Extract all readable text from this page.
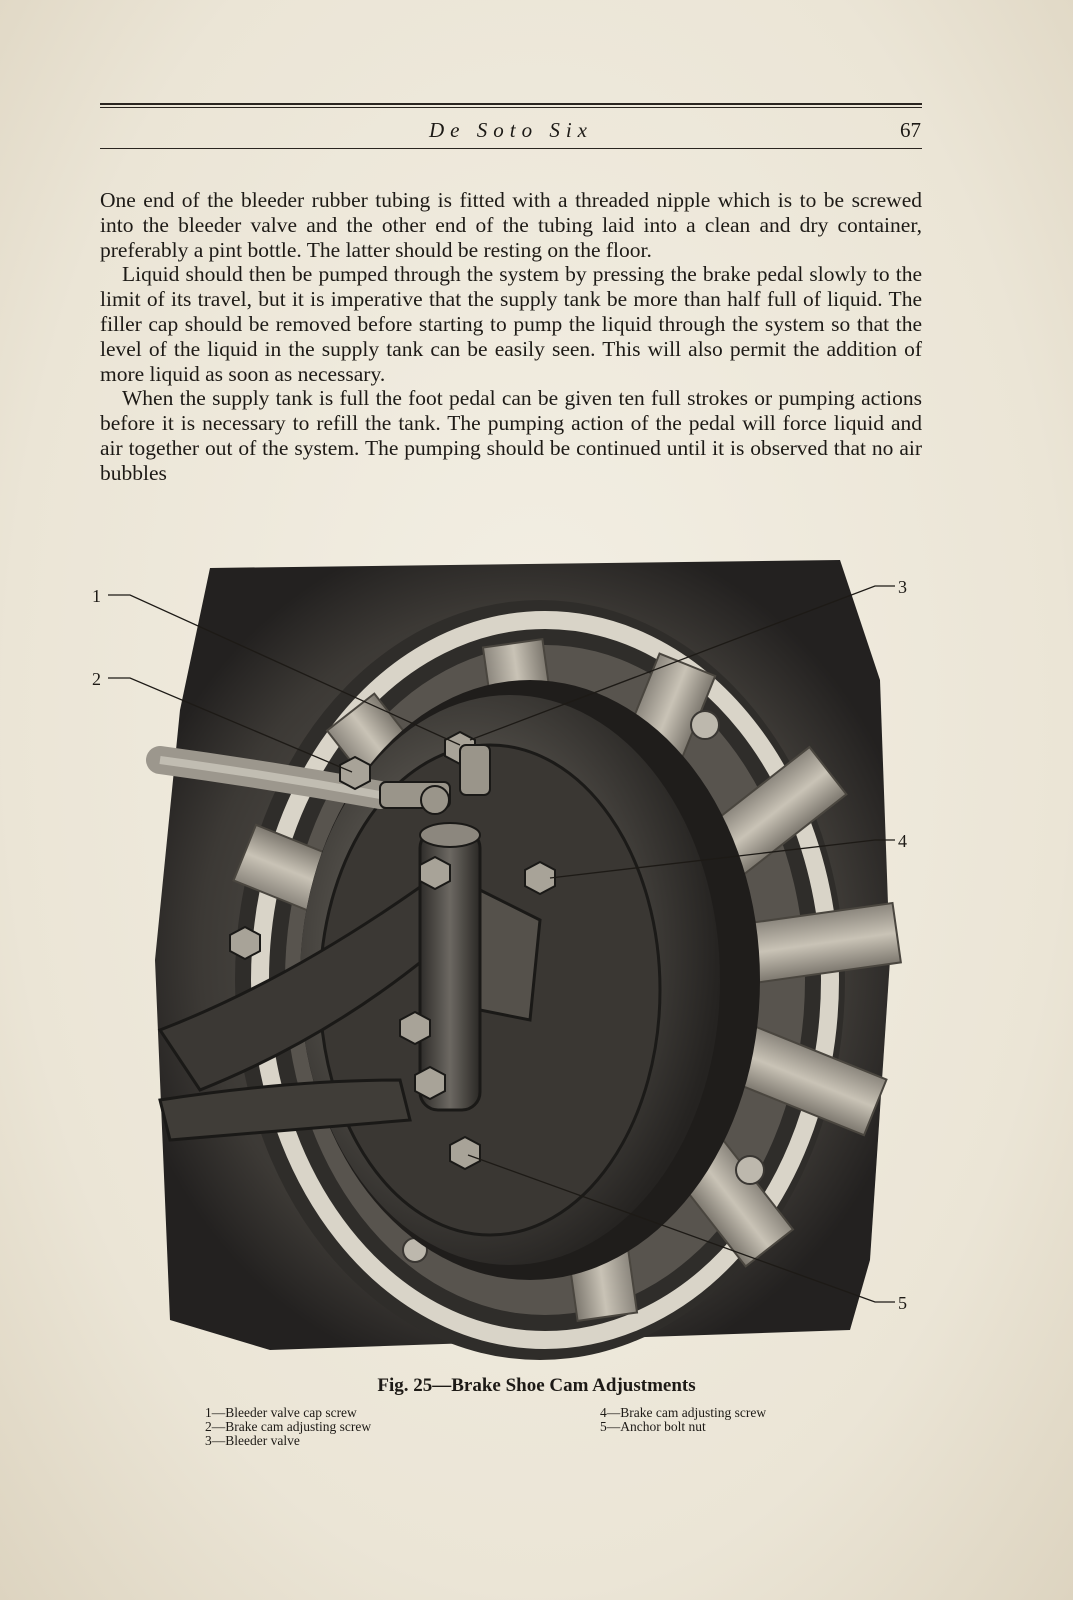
De Soto Six	67

One end of the bleeder rubber tubing is fitted with a threaded nipple which is to be screwed into the bleeder valve and the other end of the tubing laid into a clean and dry container, preferably a pint bottle. The latter should be resting on the floor.

Liquid should then be pumped through the system by pressing the brake pedal slowly to the limit of its travel, but it is imperative that the supply tank be more than half full of liquid. The filler cap should be removed before starting to pump the liquid through the system so that the level of the liquid in the supply tank can be easily seen. This will also permit the addition of more liquid as soon as necessary.

When the supply tank is full the foot pedal can be given ten full strokes or pumping actions before it is necessary to refill the tank. The pumping action of the pedal will force liquid and air together out of the system. The pumping should be continued until it is observed that no air bubbles

1
2
3
4
5
Fig. 25—Brake Shoe Cam Adjustments
1—Bleeder valve cap screw
2—Brake cam adjusting screw
3—Bleeder valve
4—Brake cam adjusting screw
5—Anchor bolt nut
